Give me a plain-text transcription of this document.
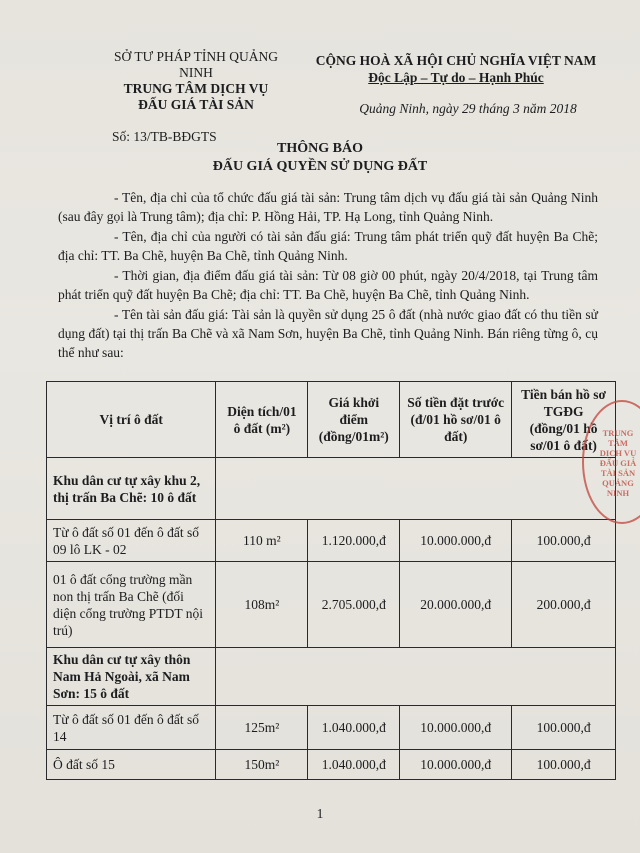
SỞ TƯ PHÁP TỈNH QUẢNG NINH
TRUNG TÂM DỊCH VỤ
ĐẤU GIÁ TÀI SẢN
Số: 13/TB-BĐGTS
CỘNG HOÀ XÃ HỘI CHỦ NGHĨA VIỆT NAM
Độc Lập – Tự do – Hạnh Phúc
Quảng Ninh, ngày 29 tháng 3 năm 2018
THÔNG BÁO
ĐẤU GIÁ QUYỀN SỬ DỤNG ĐẤT

- Tên, địa chỉ của tổ chức đấu giá tài sản: Trung tâm dịch vụ đấu giá tài sản Quảng Ninh (sau đây gọi là Trung tâm); địa chỉ: P. Hồng Hải, TP. Hạ Long, tỉnh Quảng Ninh.

- Tên, địa chỉ của người có tài sản đấu giá: Trung tâm phát triển quỹ đất huyện Ba Chẽ; địa chỉ: TT. Ba Chẽ, huyện Ba Chẽ, tỉnh Quảng Ninh.

- Thời gian, địa điểm đấu giá tài sản: Từ 08 giờ 00 phút, ngày 20/4/2018, tại Trung tâm phát triển quỹ đất huyện Ba Chẽ; địa chỉ: TT. Ba Chẽ, huyện Ba Chẽ, tỉnh Quảng Ninh.

- Tên tài sản đấu giá: Tài sản là quyền sử dụng 25 ô đất (nhà nước giao đất có thu tiền sử dụng đất) tại thị trấn Ba Chẽ và xã Nam Sơn, huyện Ba Chẽ, tỉnh Quảng Ninh. Bán riêng từng ô, cụ thể như sau:

Vị trí ô đất	Diện tích/01 ô đất (m²)	Giá khởi điểm (đồng/01m²)	Số tiền đặt trước (đ/01 hồ sơ/01 ô đất)	Tiền bán hồ sơ TGĐG (đồng/01 hồ sơ/01 ô đất)
Khu dân cư tự xây khu 2, thị trấn Ba Chẽ: 10 ô đất				
Từ ô đất số 01 đến ô đất số 09 lô LK - 02	110 m²	1.120.000,đ	10.000.000,đ	100.000,đ
01 ô đất cổng trường mần non thị trấn Ba Chẽ (đối diện cổng trường PTDT nội trú)	108m²	2.705.000,đ	20.000.000,đ	200.000,đ
Khu dân cư tự xây thôn Nam Hả Ngoài, xã Nam Sơn: 15 ô đất				
Từ ô đất số 01 đến ô đất số 14	125m²	1.040.000,đ	10.000.000,đ	100.000,đ
Ô đất số 15	150m²	1.040.000,đ	10.000.000,đ	100.000,đ
TRUNG TÂM DỊCH VỤ ĐẤU GIÁ TÀI SẢN QUẢNG NINH
1
